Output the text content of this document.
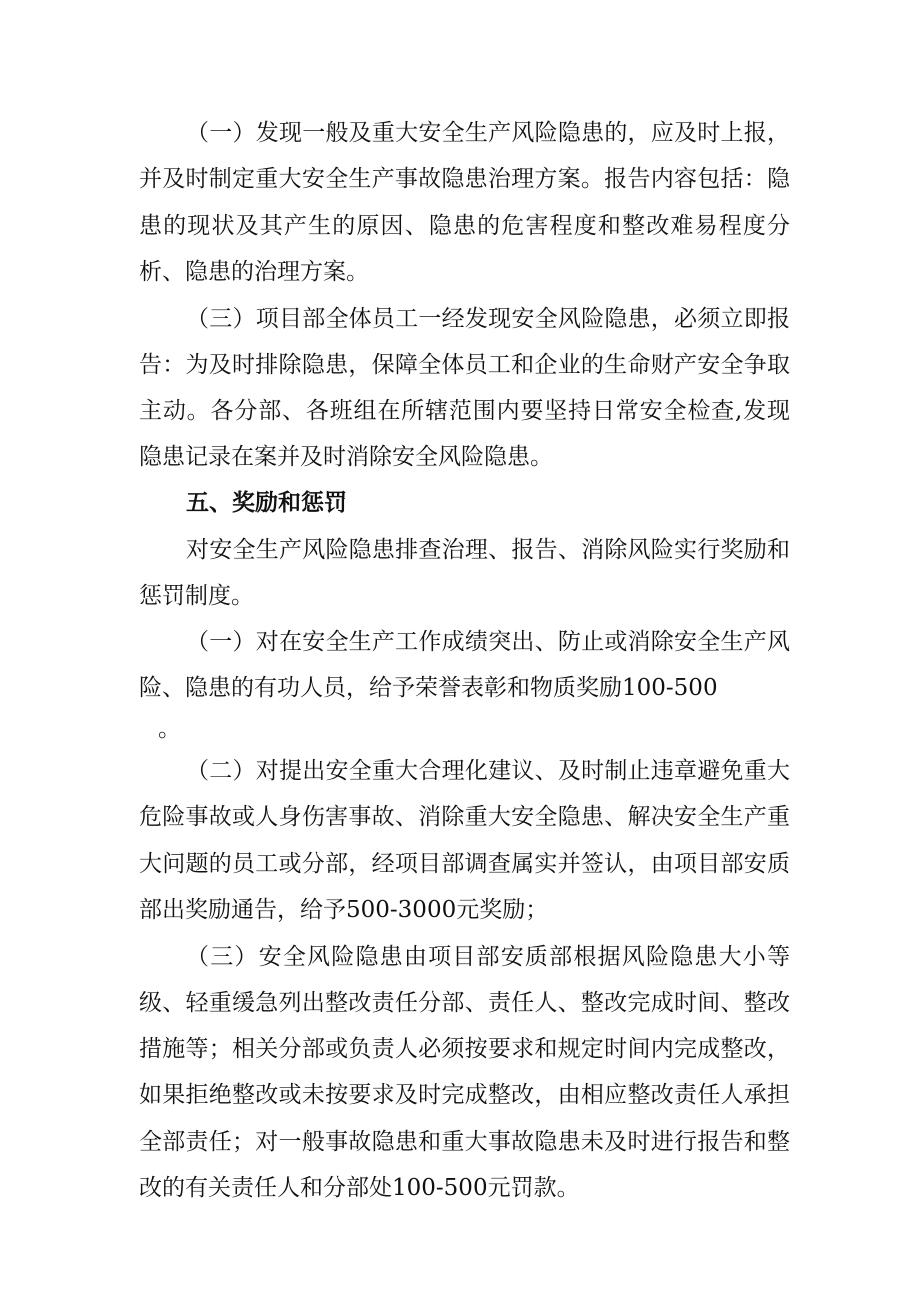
（一）发现一般及重大安全生产风险隐患的，应及时上报，
并及时制定重大安全生产事故隐患治理方案。报告内容包括：隐
患的现状及其产生的原因、隐患的危害程度和整改难易程度分
析、隐患的治理方案。
（三）项目部全体员工一经发现安全风险隐患，必须立即报
告：为及时排除隐患，保障全体员工和企业的生命财产安全争取
主动。各分部、各班组在所辖范围内要坚持日常安全检查,发现
隐患记录在案并及时消除安全风险隐患。
五、奖励和惩罚
对安全生产风险隐患排查治理、报告、消除风险实行奖励和
惩罚制度。
（一）对在安全生产工作成绩突出、防止或消除安全生产风
险、隐患的有功人员，给予荣誉表彰和物质奖励100-500
。
（二）对提出安全重大合理化建议、及时制止违章避免重大
危险事故或人身伤害事故、消除重大安全隐患、解决安全生产重
大问题的员工或分部，经项目部调查属实并签认，由项目部安质
部出奖励通告，给予500-3000元奖励；
（三）安全风险隐患由项目部安质部根据风险隐患大小等
级、轻重缓急列出整改责任分部、责任人、整改完成时间、整改
措施等；相关分部或负责人必须按要求和规定时间内完成整改，
如果拒绝整改或未按要求及时完成整改，由相应整改责任人承担
全部责任；对一般事故隐患和重大事故隐患未及时进行报告和整
改的有关责任人和分部处100-500元罚款。
